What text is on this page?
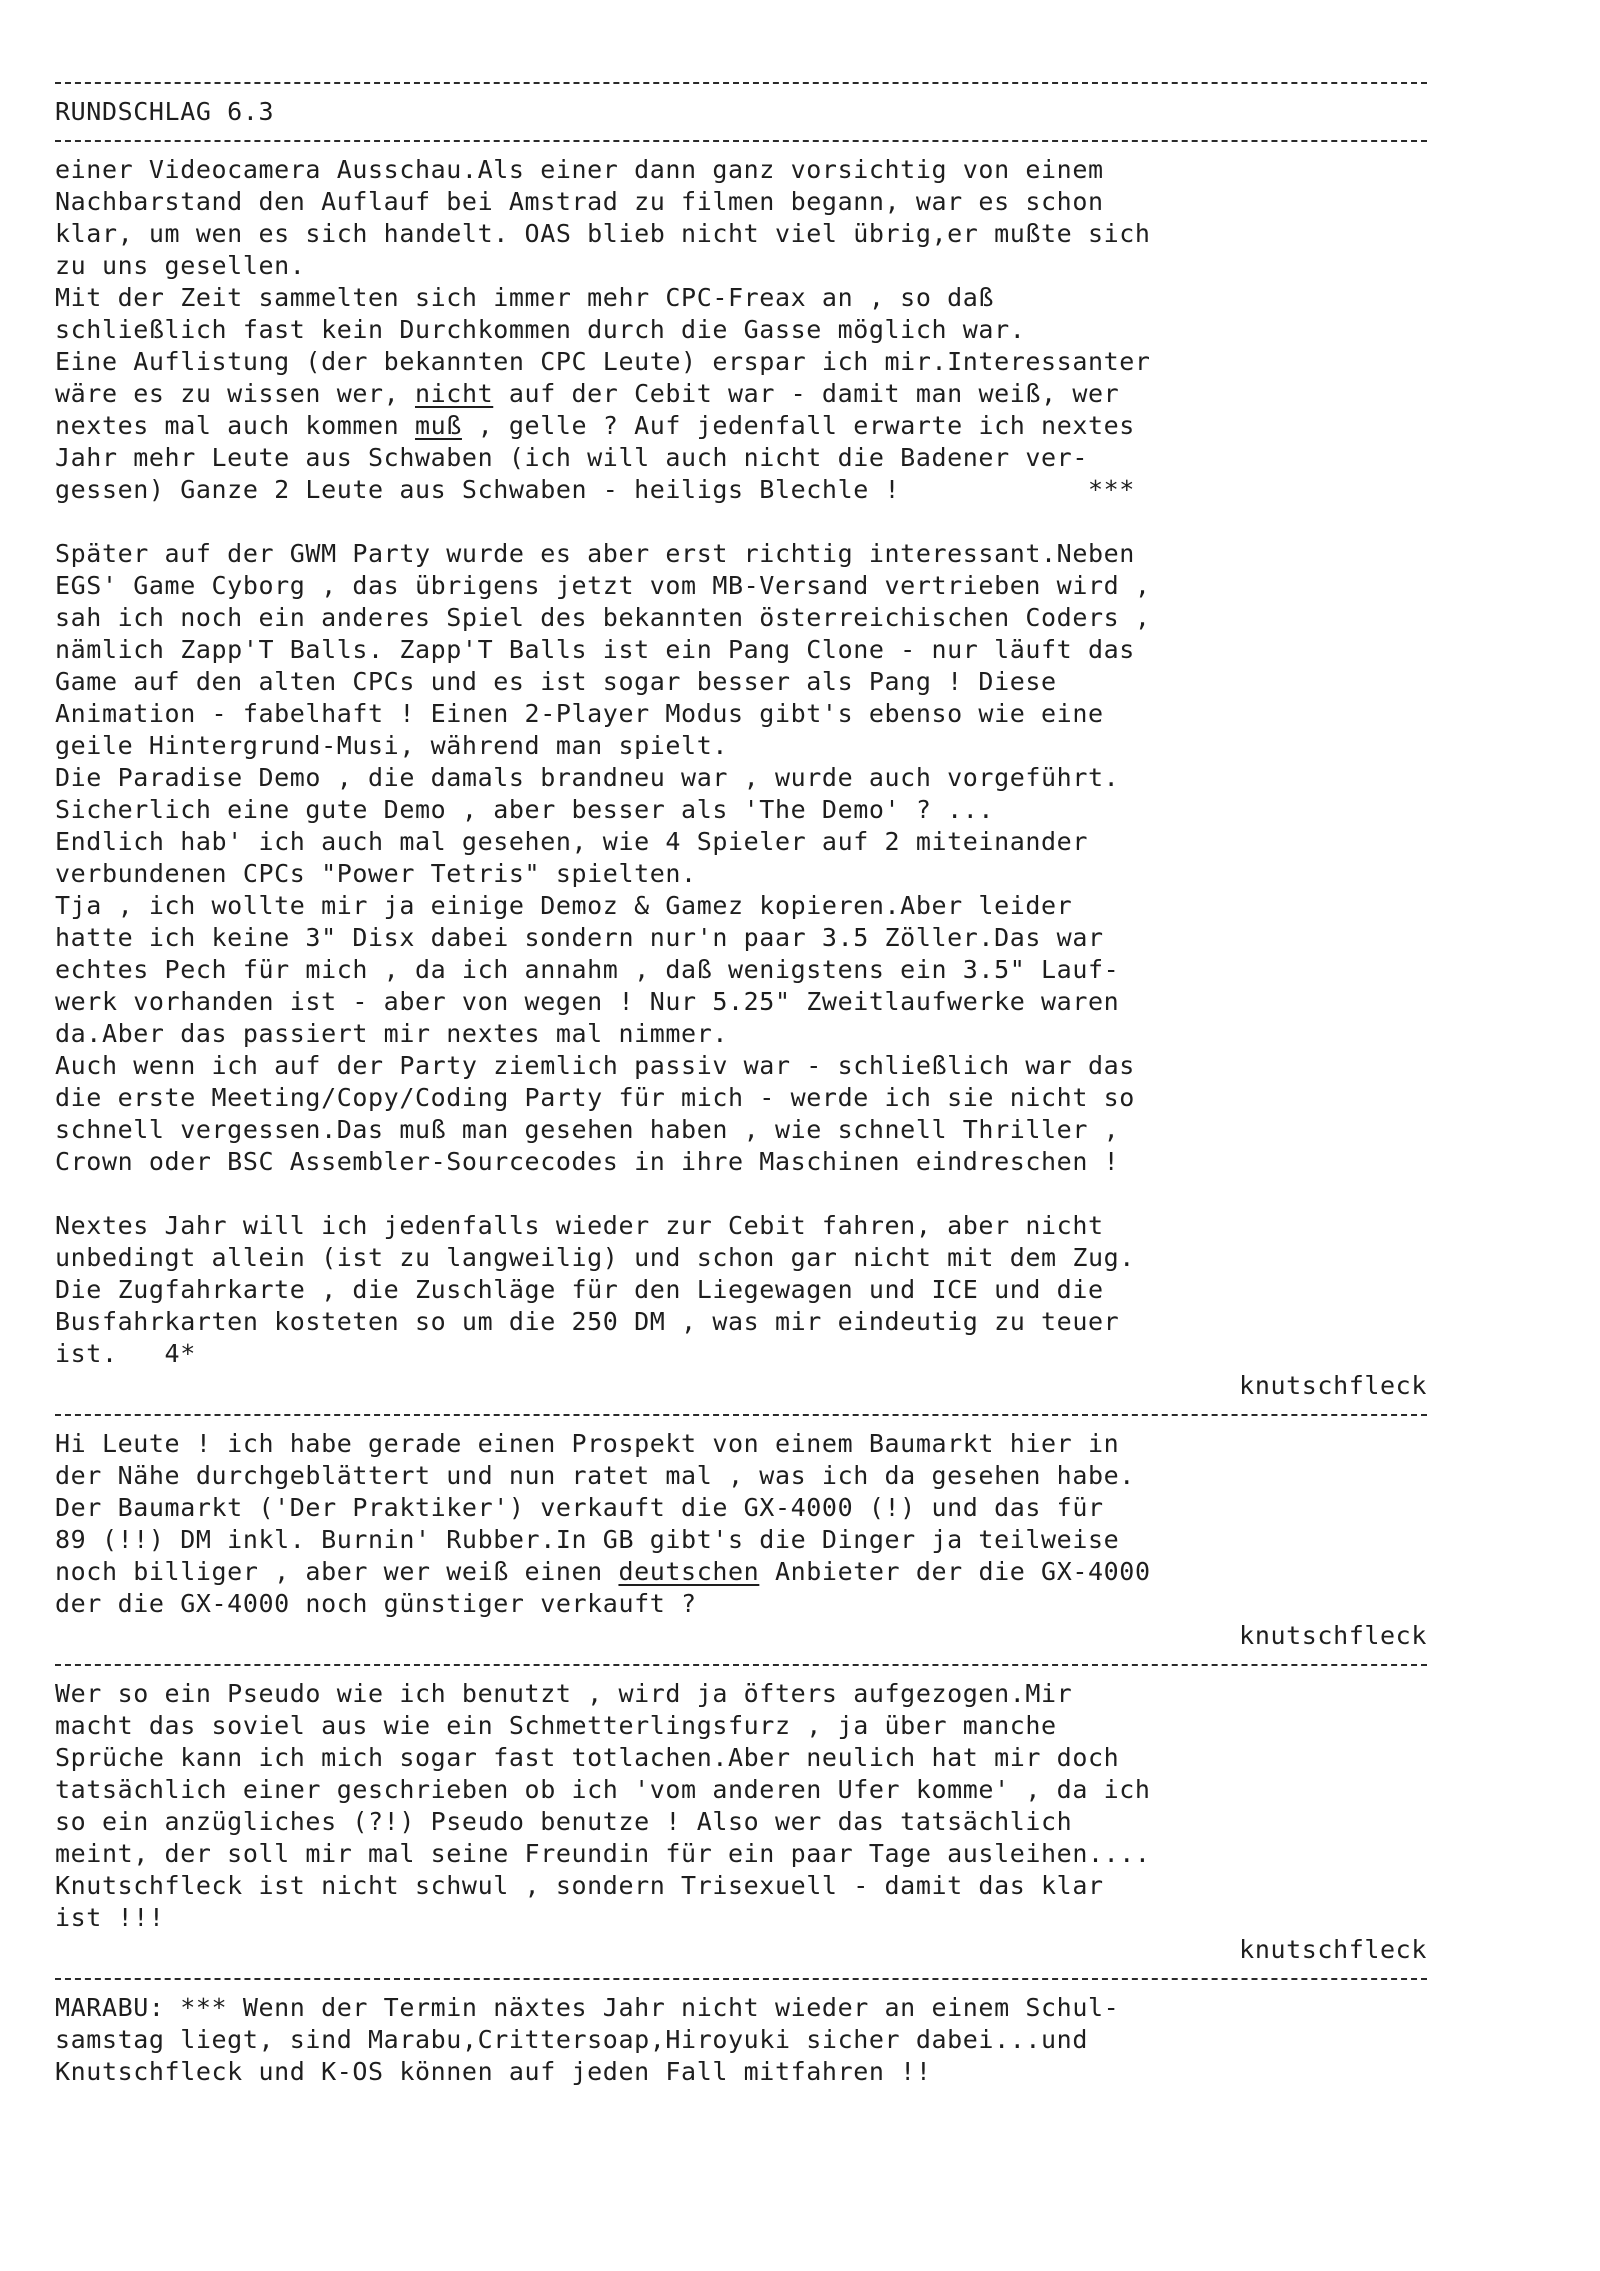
RUNDSCHLAG 6.3
einer Videocamera Ausschau.Als einer dann ganz vorsichtig von einem
Nachbarstand den Auflauf bei Amstrad zu filmen begann, war es schon
klar, um wen es sich handelt. OAS blieb nicht viel übrig,er mußte sich
zu uns gesellen.
Mit der Zeit sammelten sich immer mehr CPC-Freax an , so daß
schließlich fast kein Durchkommen durch die Gasse möglich war.
Eine Auflistung (der bekannten CPC Leute) erspar ich mir.Interessanter
wäre es zu wissen wer, nicht auf der Cebit war - damit man weiß, wer
nextes mal auch kommen muß , gelle ? Auf jedenfall erwarte ich nextes
Jahr mehr Leute aus Schwaben (ich will auch nicht die Badener ver-
gessen) Ganze 2 Leute aus Schwaben - heiligs Blechle !            ***
Später auf der GWM Party wurde es aber erst richtig interessant.Neben
EGS' Game Cyborg , das übrigens jetzt vom MB-Versand vertrieben wird ,
sah ich noch ein anderes Spiel des bekannten österreichischen Coders ,
nämlich Zapp'T Balls. Zapp'T Balls ist ein Pang Clone - nur läuft das
Game auf den alten CPCs und es ist sogar besser als Pang ! Diese
Animation - fabelhaft ! Einen 2-Player Modus gibt's ebenso wie eine
geile Hintergrund-Musi, während man spielt.
Die Paradise Demo , die damals brandneu war , wurde auch vorgeführt.
Sicherlich eine gute Demo , aber besser als 'The Demo' ? ...
Endlich hab' ich auch mal gesehen, wie 4 Spieler auf 2 miteinander
verbundenen CPCs "Power Tetris" spielten.
Tja , ich wollte mir ja einige Demoz & Gamez kopieren.Aber leider
hatte ich keine 3" Disx dabei sondern nur'n paar 3.5 Zöller.Das war
echtes Pech für mich , da ich annahm , daß wenigstens ein 3.5" Lauf-
werk vorhanden ist - aber von wegen ! Nur 5.25" Zweitlaufwerke waren
da.Aber das passiert mir nextes mal nimmer.
Auch wenn ich auf der Party ziemlich passiv war - schließlich war das
die erste Meeting/Copy/Coding Party für mich - werde ich sie nicht so
schnell vergessen.Das muß man gesehen haben , wie schnell Thriller ,
Crown oder BSC Assembler-Sourcecodes in ihre Maschinen eindreschen !
Nextes Jahr will ich jedenfalls wieder zur Cebit fahren, aber nicht
unbedingt allein (ist zu langweilig) und schon gar nicht mit dem Zug.
Die Zugfahrkarte , die Zuschläge für den Liegewagen und ICE und die
Busfahrkarten kosteten so um die 250 DM , was mir eindeutig zu teuer
ist.   4*
knutschfleck
Hi Leute ! ich habe gerade einen Prospekt von einem Baumarkt hier in
der Nähe durchgeblättert und nun ratet mal , was ich da gesehen habe.
Der Baumarkt ('Der Praktiker') verkauft die GX-4000 (!) und das für
89 (!!) DM inkl. Burnin' Rubber.In GB gibt's die Dinger ja teilweise
noch billiger , aber wer weiß einen deutschen Anbieter der die GX-4000
der die GX-4000 noch günstiger verkauft ?
knutschfleck
Wer so ein Pseudo wie ich benutzt , wird ja öfters aufgezogen.Mir
macht das soviel aus wie ein Schmetterlingsfurz , ja über manche
Sprüche kann ich mich sogar fast totlachen.Aber neulich hat mir doch
tatsächlich einer geschrieben ob ich 'vom anderen Ufer komme' , da ich
so ein anzügliches (?!) Pseudo benutze ! Also wer das tatsächlich
meint, der soll mir mal seine Freundin für ein paar Tage ausleihen....
Knutschfleck ist nicht schwul , sondern Trisexuell - damit das klar
ist !!!
knutschfleck
MARABU: *** Wenn der Termin näxtes Jahr nicht wieder an einem Schul-
samstag liegt, sind Marabu,Crittersoap,Hiroyuki sicher dabei...und
Knutschfleck und K-OS können auf jeden Fall mitfahren !!
